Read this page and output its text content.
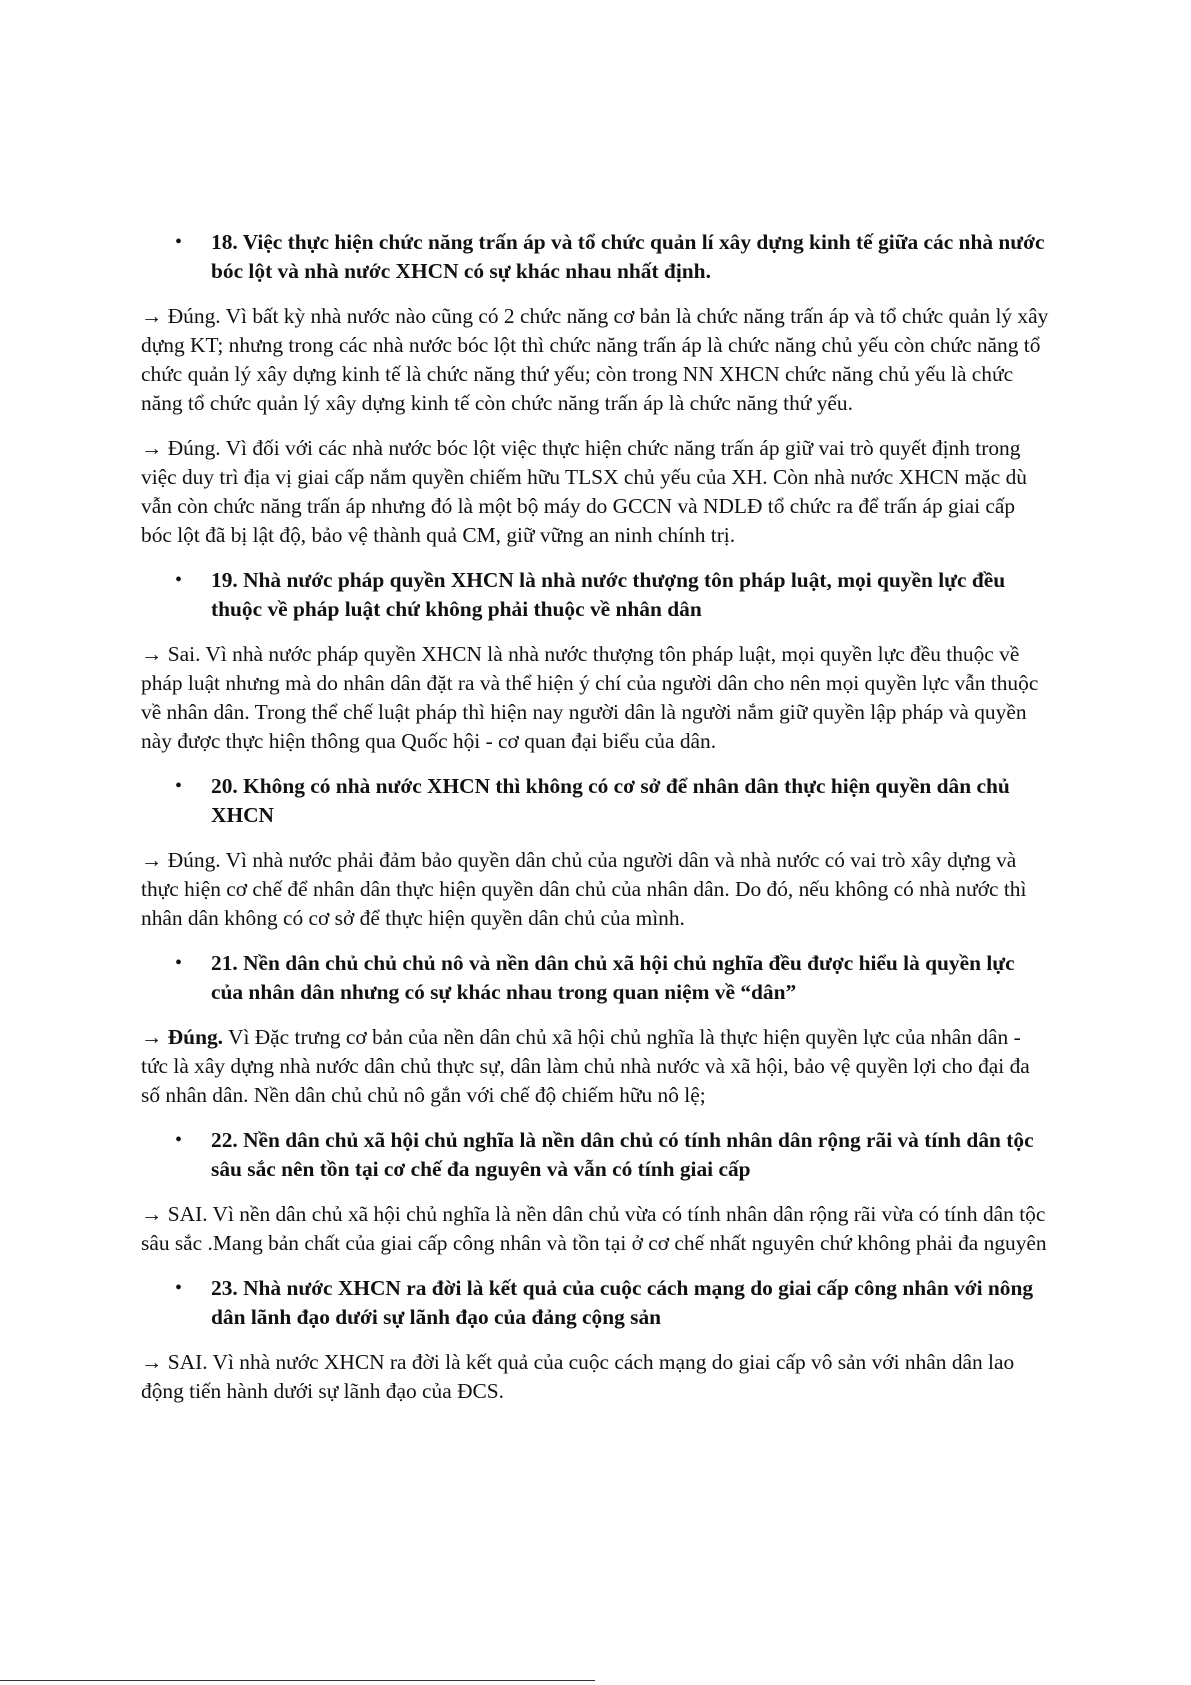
• 18. Việc thực hiện chức năng trấn áp và tổ chức quản lí xây dựng kinh tế giữa các nhà nước bóc lột và nhà nước XHCN có sự khác nhau nhất định.

→ Đúng. Vì bất kỳ nhà nước nào cũng có 2 chức năng cơ bản là chức năng trấn áp và tổ chức quản lý xây dựng KT; nhưng trong các nhà nước bóc lột thì chức năng trấn áp là chức năng chủ yếu còn chức năng tổ chức quản lý xây dựng kinh tế là chức năng thứ yếu; còn trong NN XHCN chức năng chủ yếu là chức năng tổ chức quản lý xây dựng kinh tế còn chức năng trấn áp là chức năng thứ yếu.

→ Đúng. Vì đối với các nhà nước bóc lột việc thực hiện chức năng trấn áp giữ vai trò quyết định trong việc duy trì địa vị giai cấp nắm quyền chiếm hữu TLSX chủ yếu của XH. Còn nhà nước XHCN mặc dù vẫn còn chức năng trấn áp nhưng đó là một bộ máy do GCCN và NDLĐ tổ chức ra để trấn áp giai cấp bóc lột đã bị lật độ, bảo vệ thành quả CM, giữ vững an ninh chính trị.

• 19. Nhà nước pháp quyền XHCN là nhà nước thượng tôn pháp luật, mọi quyền lực đều thuộc về pháp luật chứ không phải thuộc về nhân dân

→ Sai. Vì nhà nước pháp quyền XHCN là nhà nước thượng tôn pháp luật, mọi quyền lực đều thuộc về pháp luật nhưng mà do nhân dân đặt ra và thể hiện ý chí của người dân cho nên mọi quyền lực vẫn thuộc về nhân dân. Trong thể chế luật pháp thì hiện nay người dân là người nắm giữ quyền lập pháp và quyền này được thực hiện thông qua Quốc hội - cơ quan đại biểu của dân.

• 20. Không có nhà nước XHCN thì không có cơ sở để nhân dân thực hiện quyền dân chủ XHCN

→ Đúng. Vì nhà nước phải đảm bảo quyền dân chủ của người dân và nhà nước có vai trò xây dựng và thực hiện cơ chế để nhân dân thực hiện quyền dân chủ của nhân dân. Do đó, nếu không có nhà nước thì nhân dân không có cơ sở để thực hiện quyền dân chủ của mình.

• 21. Nền dân chủ chủ chủ nô và nền dân chủ xã hội chủ nghĩa đều được hiểu là quyền lực của nhân dân nhưng có sự khác nhau trong quan niệm về “dân”

→ Đúng. Vì Đặc trưng cơ bản của nền dân chủ xã hội chủ nghĩa là thực hiện quyền lực của nhân dân - tức là xây dựng nhà nước dân chủ thực sự, dân làm chủ nhà nước và xã hội, bảo vệ quyền lợi cho đại đa số nhân dân. Nền dân chủ chủ nô gắn với chế độ chiếm hữu nô lệ;

• 22. Nền dân chủ xã hội chủ nghĩa là nền dân chủ có tính nhân dân rộng rãi và tính dân tộc sâu sắc nên tồn tại cơ chế đa nguyên và vẫn có tính giai cấp

→ SAI. Vì nền dân chủ xã hội chủ nghĩa là nền dân chủ vừa có tính nhân dân rộng rãi vừa có tính dân tộc sâu sắc .Mang bản chất của giai cấp công nhân và tồn tại ở cơ chế nhất nguyên chứ không phải đa nguyên

• 23. Nhà nước XHCN ra đời là kết quả của cuộc cách mạng do giai cấp công nhân với nông dân lãnh đạo dưới sự lãnh đạo của đảng cộng sản

→ SAI. Vì nhà nước XHCN ra đời là kết quả của cuộc cách mạng do giai cấp vô sản với nhân dân lao động tiến hành dưới sự lãnh đạo của ĐCS.
